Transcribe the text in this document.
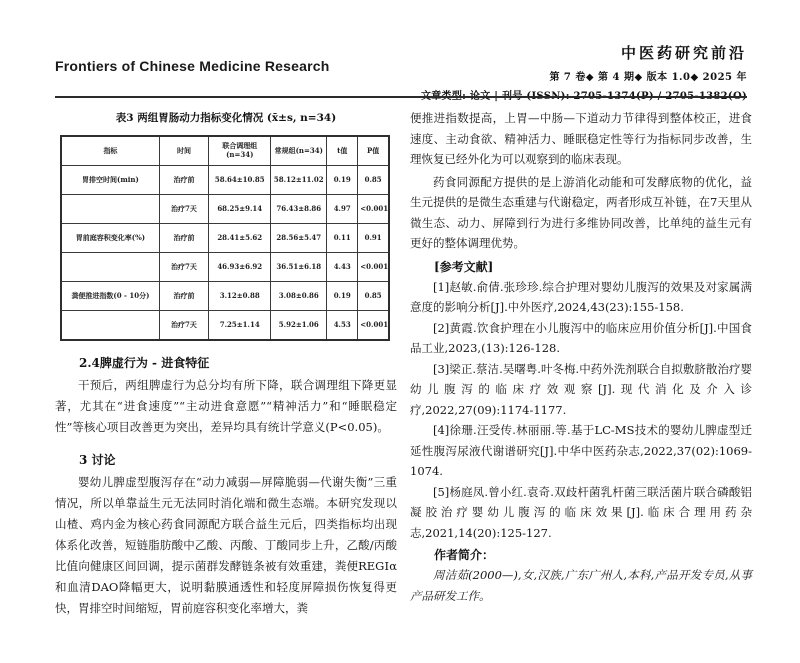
Frontiers of Chinese Medicine Research
中医药研究前沿
第 7 卷◆ 第 4 期◆ 版本 1.0◆ 2025 年
表3 两组胃肠动力指标变化情况 (x̄±s, n=34)
指标	时间	联合调理组(n=34)	常规组(n=34)	t值	P值
胃排空时间(min)	治疗前	58.64±10.85	58.12±11.02	0.19	0.85
	治疗7天	68.25±9.14	76.43±8.86	4.97	<0.001
胃前庭容积变化率(%)	治疗前	28.41±5.62	28.56±5.47	0.11	0.91
	治疗7天	46.93±6.92	36.51±6.18	4.43	<0.001
粪便推进指数(0 - 10分)	治疗前	3.12±0.88	3.08±0.86	0.19	0.85
	治疗7天	7.25±1.14	5.92±1.06	4.53	<0.001
2.4脾虚行为 - 进食特征

干预后，两组脾虚行为总分均有所下降，联合调理组下降更显著，尤其在“进食速度”“主动进食意愿”“精神活力”和“睡眠稳定性”等核心项目改善更为突出，差异均具有统计学意义(P<0.05)。

3 讨论

婴幼儿脾虚型腹泻存在“动力减弱—屏障脆弱—代谢失衡”三重情况，所以单靠益生元无法同时消化端和微生态端。本研究发现以山楂、鸡内金为核心药食同源配方联合益生元后，四类指标均出现体系化改善，短链脂肪酸中乙酸、丙酸、丁酸同步上升，乙酸/丙酸比值向健康区间回调，提示菌群发酵链条被有效重建，粪便REGⅠα和血清DAO降幅更大，说明黏膜通透性和轻度屏障损伤恢复得更快，胃排空时间缩短，胃前庭容积变化率增大，粪

便推进指数提高，上胃—中肠—下道动力节律得到整体校正，进食速度、主动食欲、精神活力、睡眠稳定性等行为指标同步改善，生理恢复已经外化为可以观察到的临床表现。

药食同源配方提供的是上游消化动能和可发酵底物的优化，益生元提供的是微生态重建与代谢稳定，两者形成互补链，在7天里从微生态、动力、屏障到行为进行多维协同改善，比单纯的益生元有更好的整体调理优势。

[参考文献]

[1]赵敏.俞倩.张珍珍.综合护理对婴幼儿腹泻的效果及对家属满意度的影响分析[J].中外医疗,2024,43(23):155-158.

[2]黄霞.饮食护理在小儿腹泻中的临床应用价值分析[J].中国食品工业,2023,(13):126-128.

[3]梁正.蔡洁.吴曙粤.叶冬梅.中药外洗剂联合自拟敷脐散治疗婴幼儿腹泻的临床疗效观察[J].现代消化及介入诊疗,2022,27(09):1174-1177.

[4]徐珊.汪受传.林丽丽.等.基于LC-MS技术的婴幼儿脾虚型迁延性腹泻尿液代谢谱研究[J].中华中医药杂志,2022,37(02):1069-1074.

[5]杨庭凤.曾小红.袁奇.双歧杆菌乳杆菌三联活菌片联合磷酸铝凝胶治疗婴幼儿腹泻的临床效果[J].临床合理用药杂志,2021,14(20):125-127.

作者简介：

周洁茹(2000—),女,汉族,广东广州人,本科,产品开发专员,从事产品研发工作。
